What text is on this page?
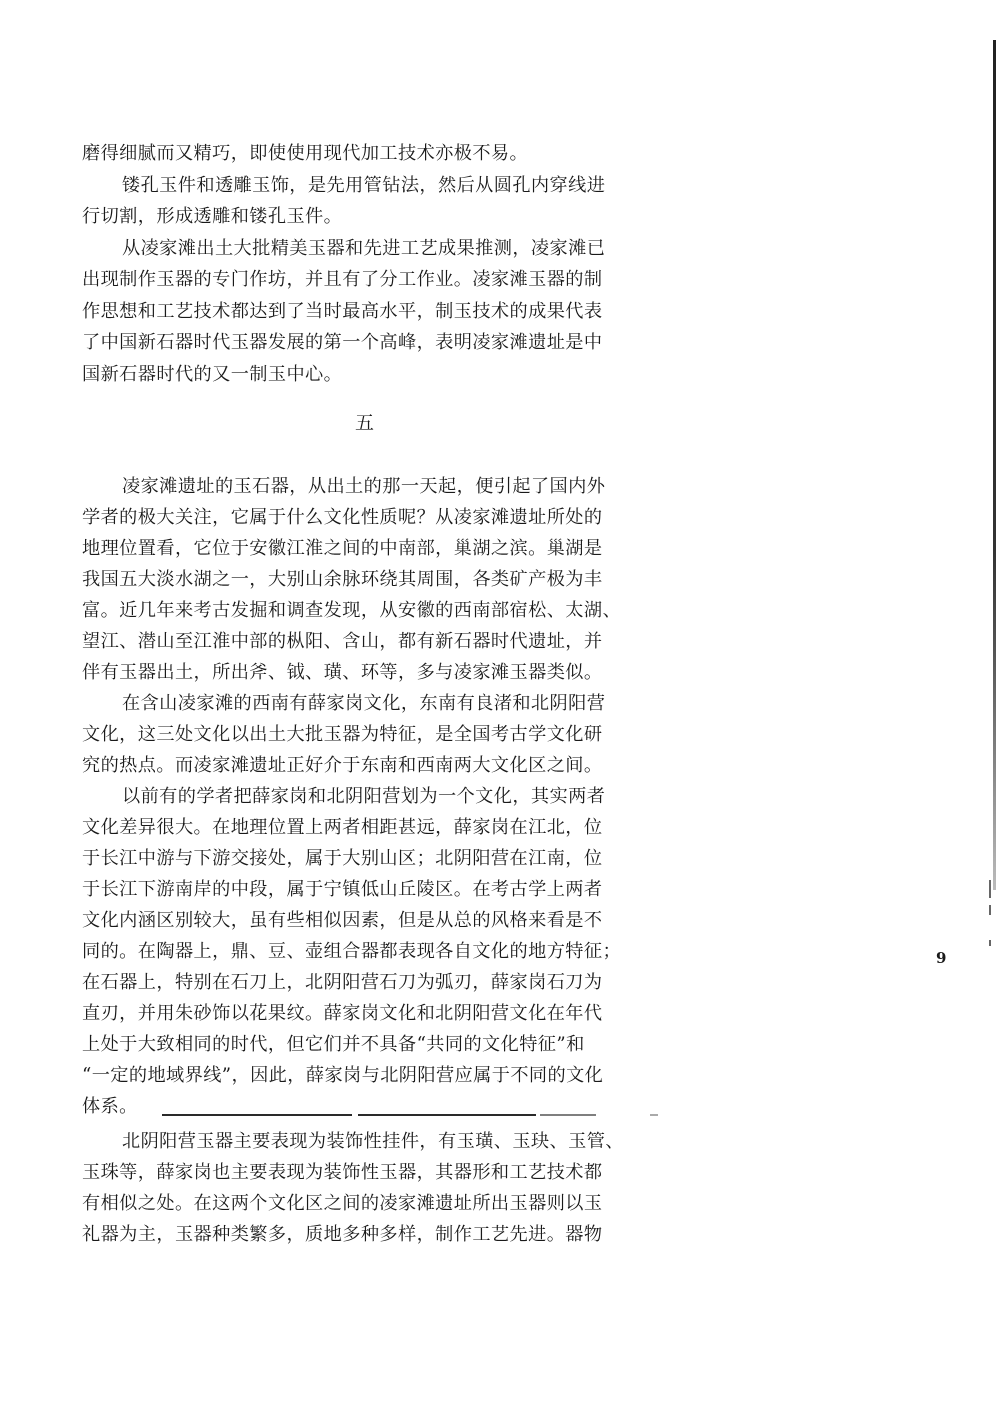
磨得细腻而又精巧，即使使用现代加工技术亦极不易。
镂孔玉件和透雕玉饰，是先用管钻法，然后从圆孔内穿线进
行切割，形成透雕和镂孔玉件。
从凌家滩出土大批精美玉器和先进工艺成果推测，凌家滩已
出现制作玉器的专门作坊，并且有了分工作业。凌家滩玉器的制
作思想和工艺技术都达到了当时最高水平，制玉技术的成果代表
了中国新石器时代玉器发展的第一个高峰，表明凌家滩遗址是中
国新石器时代的又一制玉中心。
五
凌家滩遗址的玉石器，从出土的那一天起，便引起了国内外
学者的极大关注，它属于什么文化性质呢？从凌家滩遗址所处的
地理位置看，它位于安徽江淮之间的中南部，巢湖之滨。巢湖是
我国五大淡水湖之一，大别山余脉环绕其周围，各类矿产极为丰
富。近几年来考古发掘和调查发现，从安徽的西南部宿松、太湖、
望江、潜山至江淮中部的枞阳、含山，都有新石器时代遗址，并
伴有玉器出土，所出斧、钺、璜、环等，多与凌家滩玉器类似。
在含山凌家滩的西南有薛家岗文化，东南有良渚和北阴阳营
文化，这三处文化以出土大批玉器为特征，是全国考古学文化研
究的热点。而凌家滩遗址正好介于东南和西南两大文化区之间。
以前有的学者把薛家岗和北阴阳营划为一个文化，其实两者
文化差异很大。在地理位置上两者相距甚远，薛家岗在江北，位
于长江中游与下游交接处，属于大别山区；北阴阳营在江南，位
于长江下游南岸的中段，属于宁镇低山丘陵区。在考古学上两者
文化内涵区别较大，虽有些相似因素，但是从总的风格来看是不
同的。在陶器上，鼎、豆、壶组合器都表现各自文化的地方特征；
在石器上，特别在石刀上，北阴阳营石刀为弧刃，薛家岗石刀为
直刃，并用朱砂饰以花果纹。薛家岗文化和北阴阳营文化在年代
上处于大致相同的时代，但它们并不具备“共同的文化特征”和
“一定的地域界线”，因此，薛家岗与北阴阳营应属于不同的文化
体系。
北阴阳营玉器主要表现为装饰性挂件，有玉璜、玉玦、玉管、
玉珠等，薛家岗也主要表现为装饰性玉器，其器形和工艺技术都
有相似之处。在这两个文化区之间的凌家滩遗址所出玉器则以玉
礼器为主，玉器种类繁多，质地多种多样，制作工艺先进。器物
9
